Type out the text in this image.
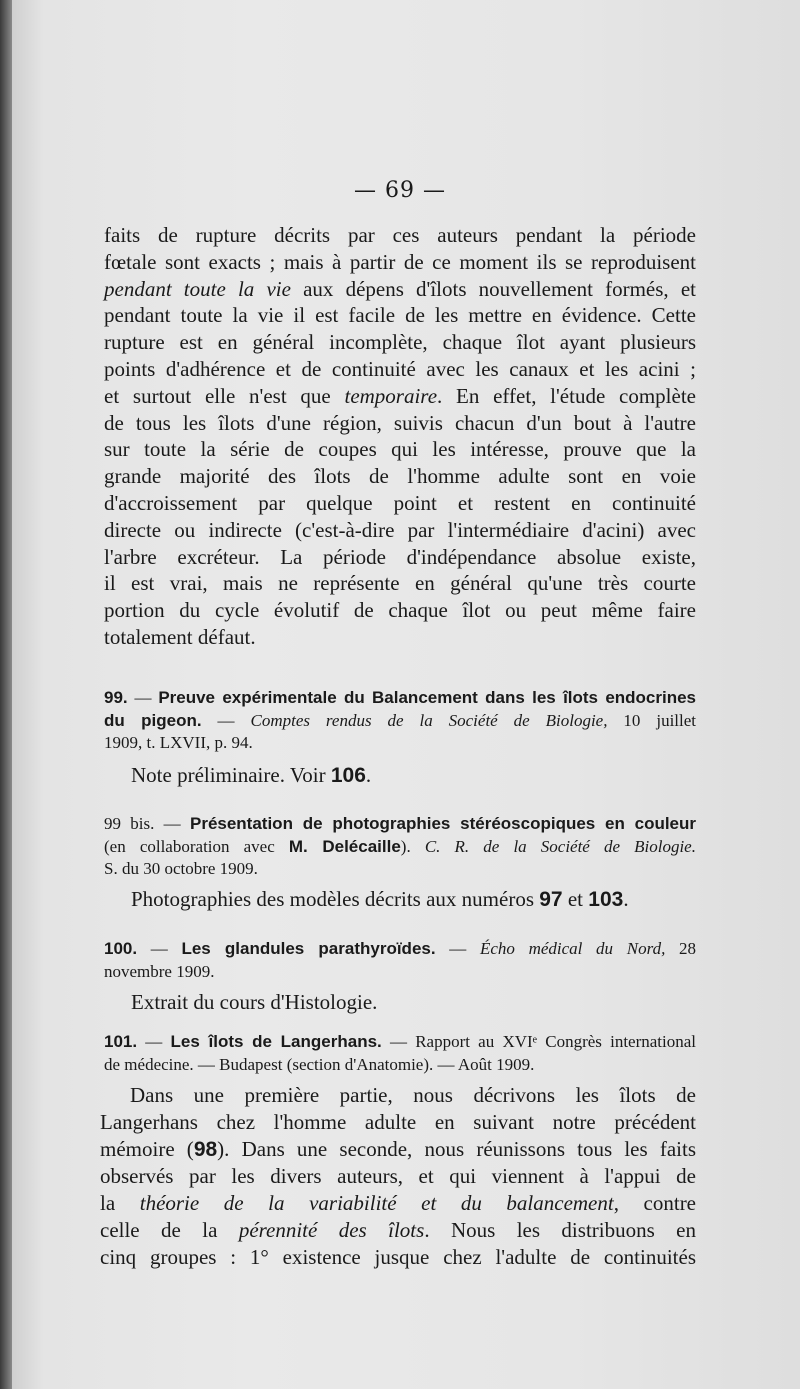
— 69 —
faits de rupture décrits par ces auteurs pendant la période
fœtale sont exacts ; mais à partir de ce moment ils se reproduisent
pendant toute la vie aux dépens d'îlots nouvellement formés, et
pendant toute la vie il est facile de les mettre en évidence. Cette
rupture est en général incomplète, chaque îlot ayant plusieurs
points d'adhérence et de continuité avec les canaux et les acini ;
et surtout elle n'est que temporaire. En effet, l'étude complète
de tous les îlots d'une région, suivis chacun d'un bout à l'autre
sur toute la série de coupes qui les intéresse, prouve que la
grande majorité des îlots de l'homme adulte sont en voie
d'accroissement par quelque point et restent en continuité
directe ou indirecte (c'est-à-dire par l'intermédiaire d'acini) avec
l'arbre excréteur. La période d'indépendance absolue existe,
il est vrai, mais ne représente en général qu'une très courte
portion du cycle évolutif de chaque îlot ou peut même faire
totalement défaut.
99. — Preuve expérimentale du Balancement dans les îlots endocrines
du pigeon. — Comptes rendus de la Société de Biologie, 10 juillet
1909, t. LXVII, p. 94.
Note préliminaire. Voir 106.
99 bis. — Présentation de photographies stéréoscopiques en couleur
(en collaboration avec M. Delécaille). C. R. de la Société de Biologie.
S. du 30 octobre 1909.
Photographies des modèles décrits aux numéros 97 et 103.
100. — Les glandules parathyroïdes. — Écho médical du Nord, 28
novembre 1909.
Extrait du cours d'Histologie.
101. — Les îlots de Langerhans. — Rapport au XVIᵉ Congrès international
de médecine. — Budapest (section d'Anatomie). — Août 1909.
Dans une première partie, nous décrivons les îlots de
Langerhans chez l'homme adulte en suivant notre précédent
mémoire (98). Dans une seconde, nous réunissons tous les faits
observés par les divers auteurs, et qui viennent à l'appui de
la théorie de la variabilité et du balancement, contre
celle de la pérennité des îlots. Nous les distribuons en
cinq groupes : 1° existence jusque chez l'adulte de continuités
